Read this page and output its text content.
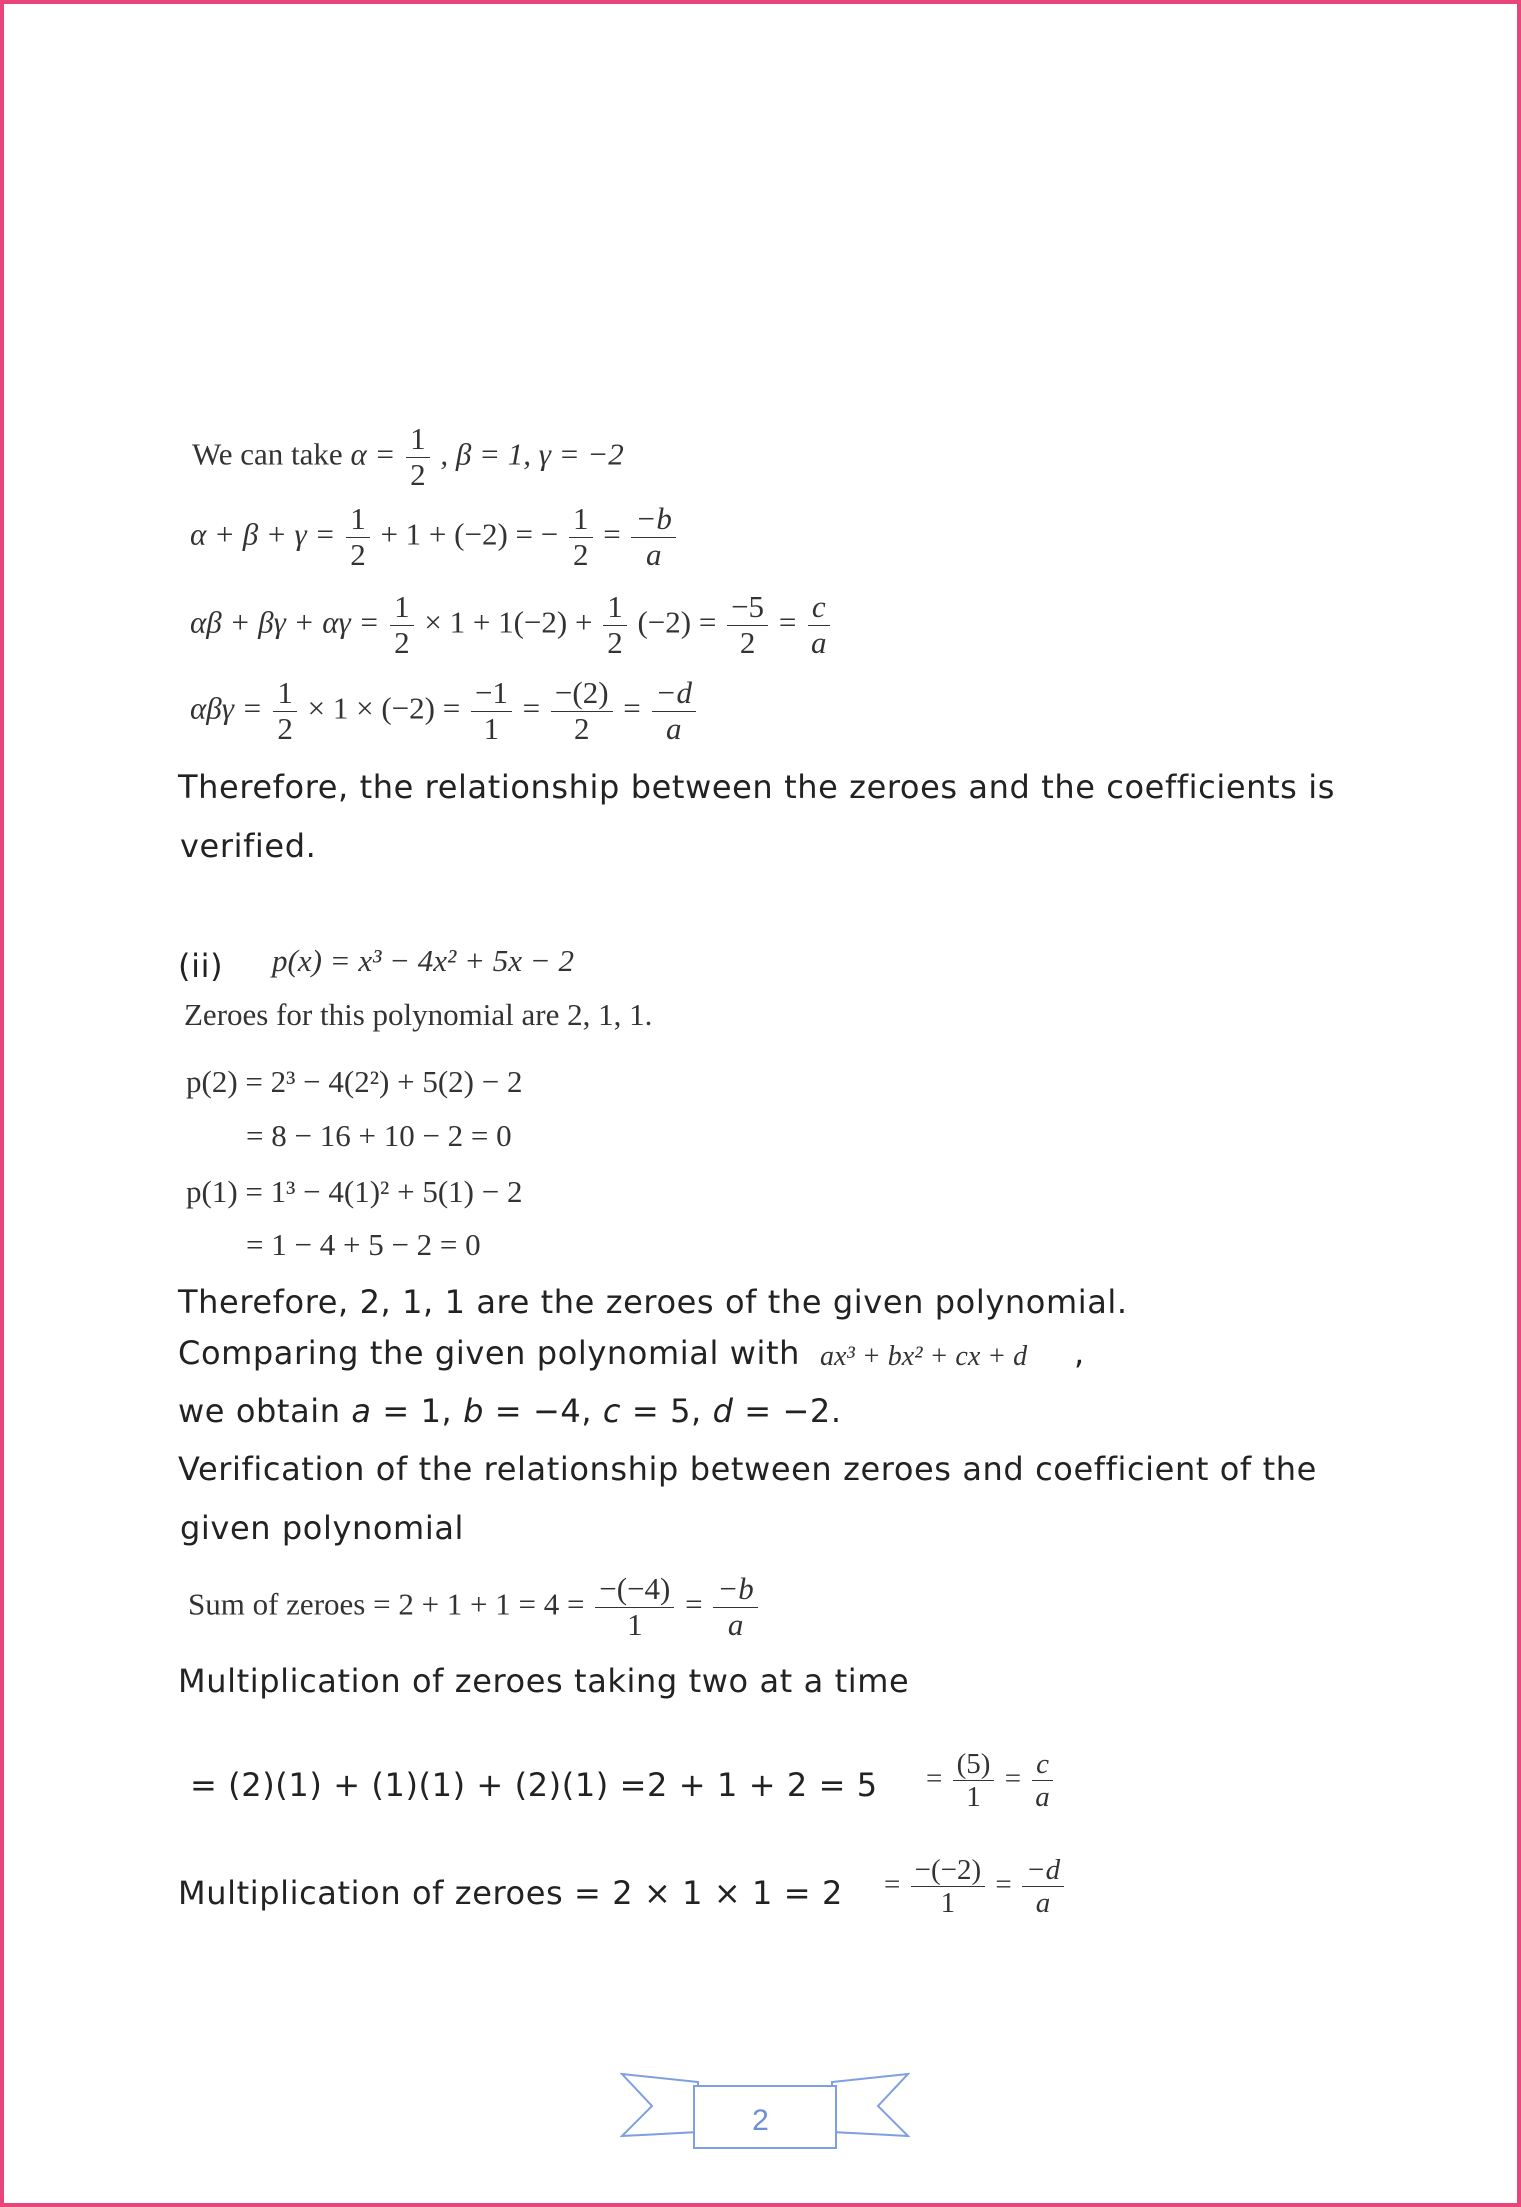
We can take $\alpha = \frac{1}{2}$ , β = 1, γ = −2
$\alpha + \beta + \gamma = \frac{1}{2} + 1 + (-2)$ = − $\frac{1}{2} = \frac{-b}{a}$
$\alpha\beta + \beta\gamma + \alpha\gamma = \frac{1}{2} \times 1 + 1(-2) + \frac{1}{2} (-2) = \frac{-5}{2} = \frac{c}{a}$
$\alpha\beta\gamma = \frac{1}{2} \times 1 \times (-2) = \frac{-1}{1} = \frac{-(2)}{2} = \frac{-d}{a}$
Therefore, the relationship between the zeroes and the coefficients is
verified.
(ii) p(x) = x³ − 4x² + 5x − 2
Zeroes for this polynomial are 2, 1, 1.
p(2) = 2³ − 4(2²) + 5(2) − 2
= 8 − 16 + 10 − 2 = 0
p(1) = 1³ − 4(1)² + 5(1) − 2
= 1 − 4 + 5 − 2 = 0
Therefore, 2, 1, 1 are the zeroes of the given polynomial.
Comparing the given polynomial with ax³ + bx² + cx + d ,
we obtain a = 1, b = −4, c = 5, d = −2.
Verification of the relationship between zeroes and coefficient of the
given polynomial
Sum of zeroes = $2 + 1 + 1 = 4 = \frac{-(-4)}{1} = \frac{-b}{a}$
Multiplication of zeroes taking two at a time
= $(2)(1) + (1)(1) + (2)(1) =2 + 1 + 2 = 5 = \frac{(5)}{1} = \frac{c}{a}$
Multiplication of zeroes = $2 \times 1 \times 1 = 2 = \frac{-(-2)}{1} = \frac{-d}{a}$
2
